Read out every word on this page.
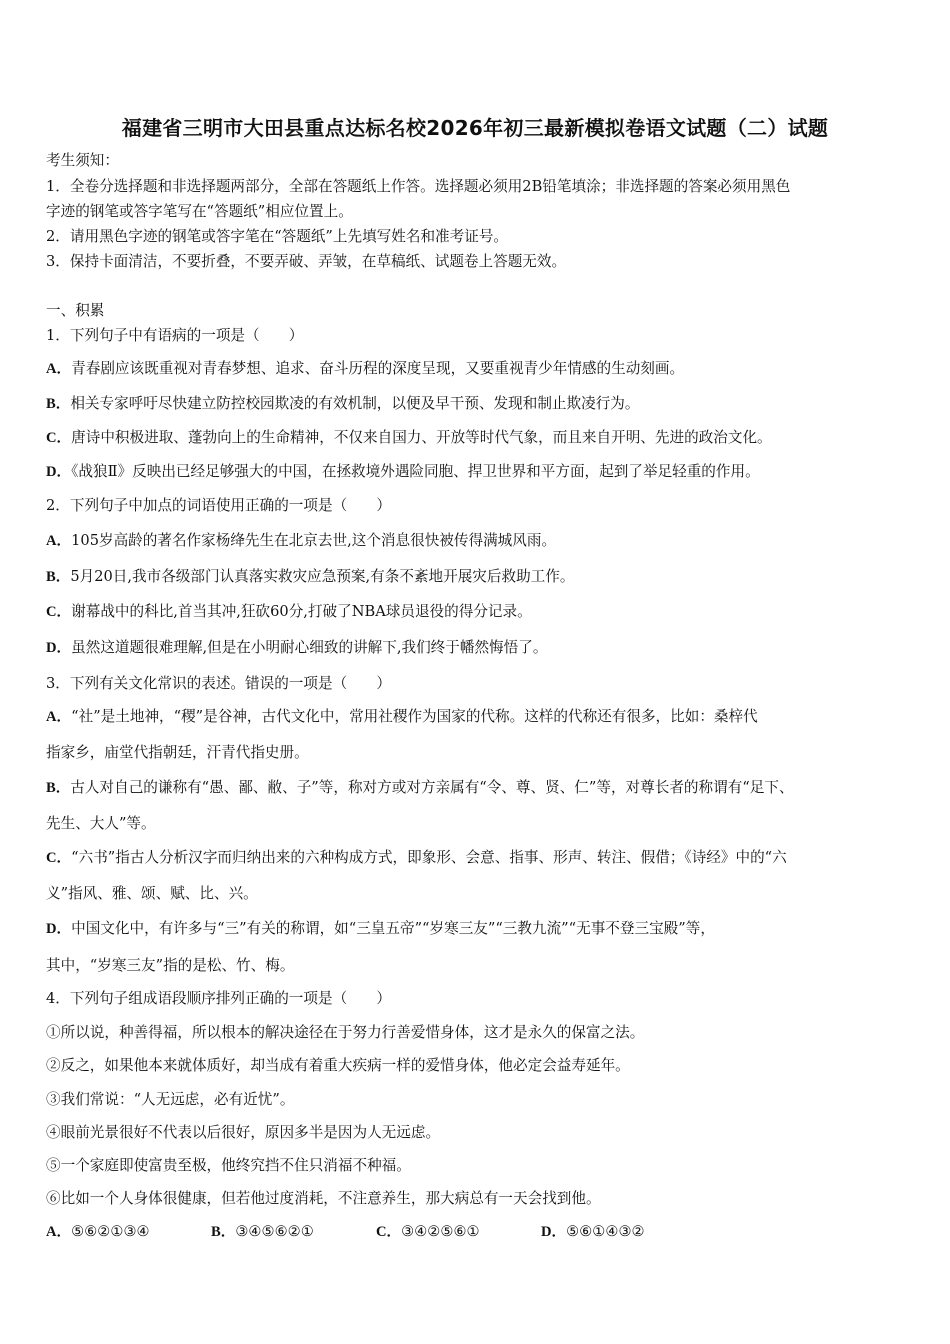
福建省三明市大田县重点达标名校2026年初三最新模拟卷语文试题（二）试题
考生须知：
1．全卷分选择题和非选择题两部分，全部在答题纸上作答。选择题必须用2B铅笔填涂；非选择题的答案必须用黑色
字迹的钢笔或答字笔写在“答题纸”相应位置上。
2．请用黑色字迹的钢笔或答字笔在“答题纸”上先填写姓名和准考证号。
3．保持卡面清洁，不要折叠，不要弄破、弄皱，在草稿纸、试题卷上答题无效。
一、积累
1．下列句子中有语病的一项是（　　）
A．青春剧应该既重视对青春梦想、追求、奋斗历程的深度呈现，又要重视青少年情感的生动刻画。
B．相关专家呼吁尽快建立防控校园欺凌的有效机制，以便及早干预、发现和制止欺凌行为。
C．唐诗中积极进取、蓬勃向上的生命精神，不仅来自国力、开放等时代气象，而且来自开明、先进的政治文化。
D．《战狼Ⅱ》反映出已经足够强大的中国，在拯救境外遇险同胞、捍卫世界和平方面，起到了举足轻重的作用。
2．下列句子中加点的词语使用正确的一项是（　　）
A．105岁高龄的著名作家杨绛先生在北京去世,这个消息很快被传得满城风雨。
B．5月20日,我市各级部门认真落实救灾应急预案,有条不紊地开展灾后救助工作。
C．谢幕战中的科比,首当其冲,狂砍60分,打破了NBA球员退役的得分记录。
D．虽然这道题很难理解,但是在小明耐心细致的讲解下,我们终于幡然悔悟了。
3．下列有关文化常识的表述。错误的一项是（　　）
A．“社”是土地神，“稷”是谷神，古代文化中，常用社稷作为国家的代称。这样的代称还有很多，比如：桑梓代
指家乡，庙堂代指朝廷，汗青代指史册。
B．古人对自己的谦称有“愚、鄙、敝、子”等，称对方或对方亲属有“令、尊、贤、仁”等，对尊长者的称谓有“足下、
先生、大人”等。
C．“六书”指古人分析汉字而归纳出来的六种构成方式，即象形、会意、指事、形声、转注、假借；《诗经》中的“六
义”指风、雅、颂、赋、比、兴。
D．中国文化中，有许多与“三”有关的称谓，如“三皇五帝”“岁寒三友”“三教九流”“无事不登三宝殿”等，
其中，“岁寒三友”指的是松、竹、梅。
4．下列句子组成语段顺序排列正确的一项是（　　）
①所以说，种善得福，所以根本的解决途径在于努力行善爱惜身体，这才是永久的保富之法。
②反之，如果他本来就体质好，却当成有着重大疾病一样的爱惜身体，他必定会益寿延年。
③我们常说：“人无远虑，必有近忧”。
④眼前光景很好不代表以后很好，原因多半是因为人无远虑。
⑤一个家庭即使富贵至极，他终究挡不住只消福不种福。
⑥比如一个人身体很健康，但若他过度消耗，不注意养生，那大病总有一天会找到他。
A．⑤⑥②①③④	B．③④⑤⑥②①	C．③④②⑤⑥①	D．⑤⑥①④③②
